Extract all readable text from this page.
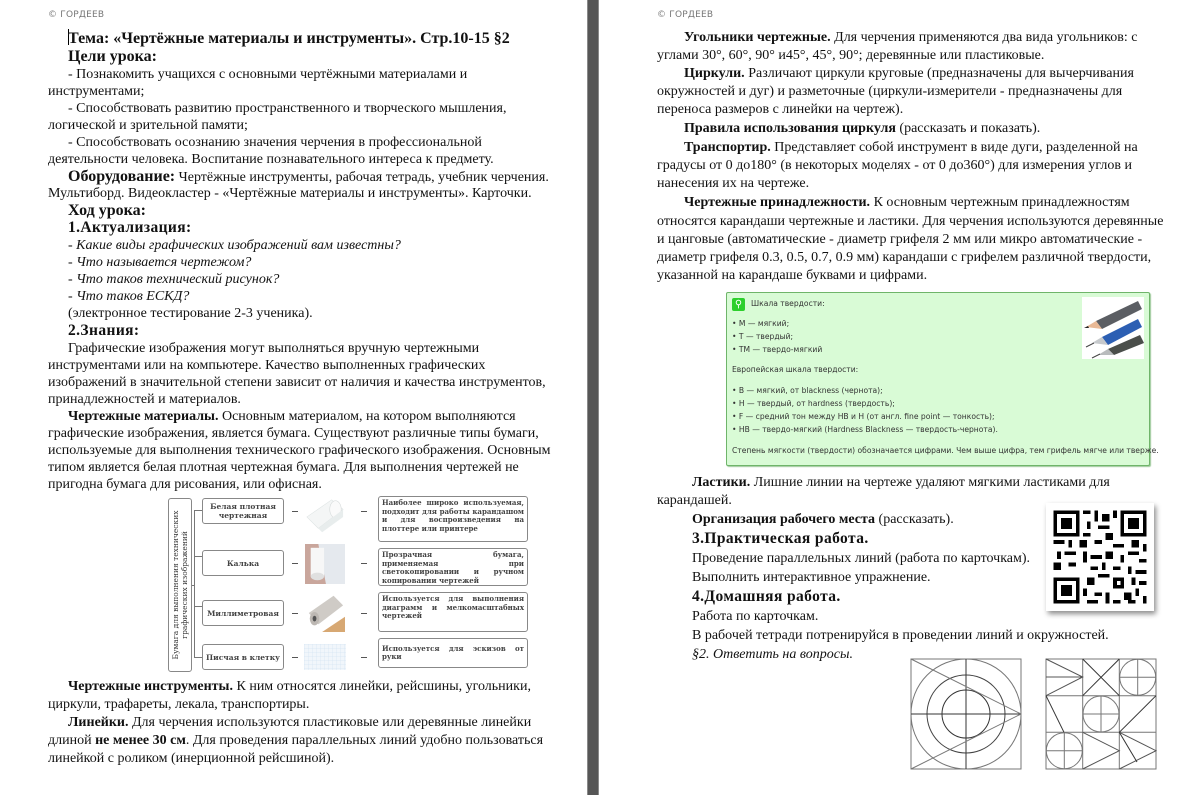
© ГОРДЕЕВ
Тема: «Чертёжные материалы и инструменты». Стр.10-15 §2
Цели урока:
- Познакомить учащихся с основными чертёжными материалами и
инструментами;
- Способствовать развитию пространственного и творческого мышления,
логической и зрительной памяти;
- Способствовать осознанию значения черчения в профессиональной
деятельности человека. Воспитание познавательного интереса к предмету.
Оборудование: Чертёжные инструменты, рабочая тетрадь, учебник черчения.
Мультиборд. Видеокластер - «Чертёжные материалы и инструменты». Карточки.
Ход урока:
1.Актуализация:
- Какие виды графических изображений вам известны?
- Что называется чертежом?
- Что таков технический рисунок?
- Что таков ЕСКД?
(электронное тестирование 2-3 ученика).
2.Знания:
Графические изображения могут выполняться вручную чертежными
инструментами или на компьютере. Качество выполненных графических
изображений в значительной степени зависит от наличия и качества инструментов,
принадлежностей и материалов.
Чертежные материалы. Основным материалом, на котором выполняются
графические изображения, является бумага. Существуют различные типы бумаги,
используемые для выполнения технического графического изображения. Основным
типом является белая плотная чертежная бумага. Для выполнения чертежей не
пригодна бумага для рисования, или офисная.
Бумага для выполнения технических
графических изображений
Белая плотная чертежная
Наиболее широко используемая, подходит для работы карандашом и для воспроизведения на плоттере или принтере
Калька
Прозрачная бумага, применяемая при светокопировании и ручном копировании чертежей
Миллиметровая
Используется для выполнения диаграмм и мелкомасштабных чертежей
Писчая в клетку
Используется для эскизов от руки
Чертежные инструменты. К ним относятся линейки, рейсшины, угольники,
циркули, трафареты, лекала, транспортиры.
Линейки. Для черчения используются пластиковые или деревянные линейки
длиной не менее 30 см. Для проведения параллельных линий удобно пользоваться
линейкой с роликом (инерционной рейсшиной).
© ГОРДЕЕВ
Угольники чертежные. Для черчения применяются два вида угольников: с
углами 30°, 60°, 90° и45°, 45°, 90°; деревянные или пластиковые.
Циркули. Различают циркули круговые (предназначены для вычерчивания
окружностей и дуг) и разметочные (циркули-измерители - предназначены для
переноса размеров с линейки на чертеж).
Правила использования циркуля (рассказать и показать).
Транспортир. Представляет собой инструмент в виде дуги, разделенной на
градусы от 0 до180° (в некоторых моделях - от 0 до360°) для измерения углов и
нанесения их на чертеже.
Чертежные принадлежности. К основным чертежным принадлежностям
относятся карандаши чертежные и ластики. Для черчения используются деревянные
и цанговые (автоматические - диаметр грифеля 2 мм или микро автоматические -
диаметр грифеля 0.3, 0.5, 0.7, 0.9 мм) карандаши с грифелем различной твердости,
указанной на карандаше буквами и цифрами.
⚲	Шкала твердости:
• М — мягкий;
• Т — твердый;
• ТМ — твердо-мягкий
Европейская шкала твердости:
• В — мягкий, от blackness (чернота);
• Н — твердый, от hardness (твердость);
• F — средний тон между НВ и Н (от англ. fine point — тонкость);
• НВ — твердо-мягкий (Hardness Blackness — твердость-чернота).
Степень мягкости (твердости) обозначается цифрами. Чем выше цифра, тем грифель мягче или тверже.
Ластики. Лишние линии на чертеже удаляют мягкими ластиками для
карандашей.
Организация рабочего места (рассказать).
3.Практическая работа.
Проведение параллельных линий (работа по карточкам).
Выполнить интерактивное упражнение.
4.Домашняя работа.
Работа по карточкам.
В рабочей тетради потренируйся в проведении линий и окружностей.
§2. Ответить на вопросы.
